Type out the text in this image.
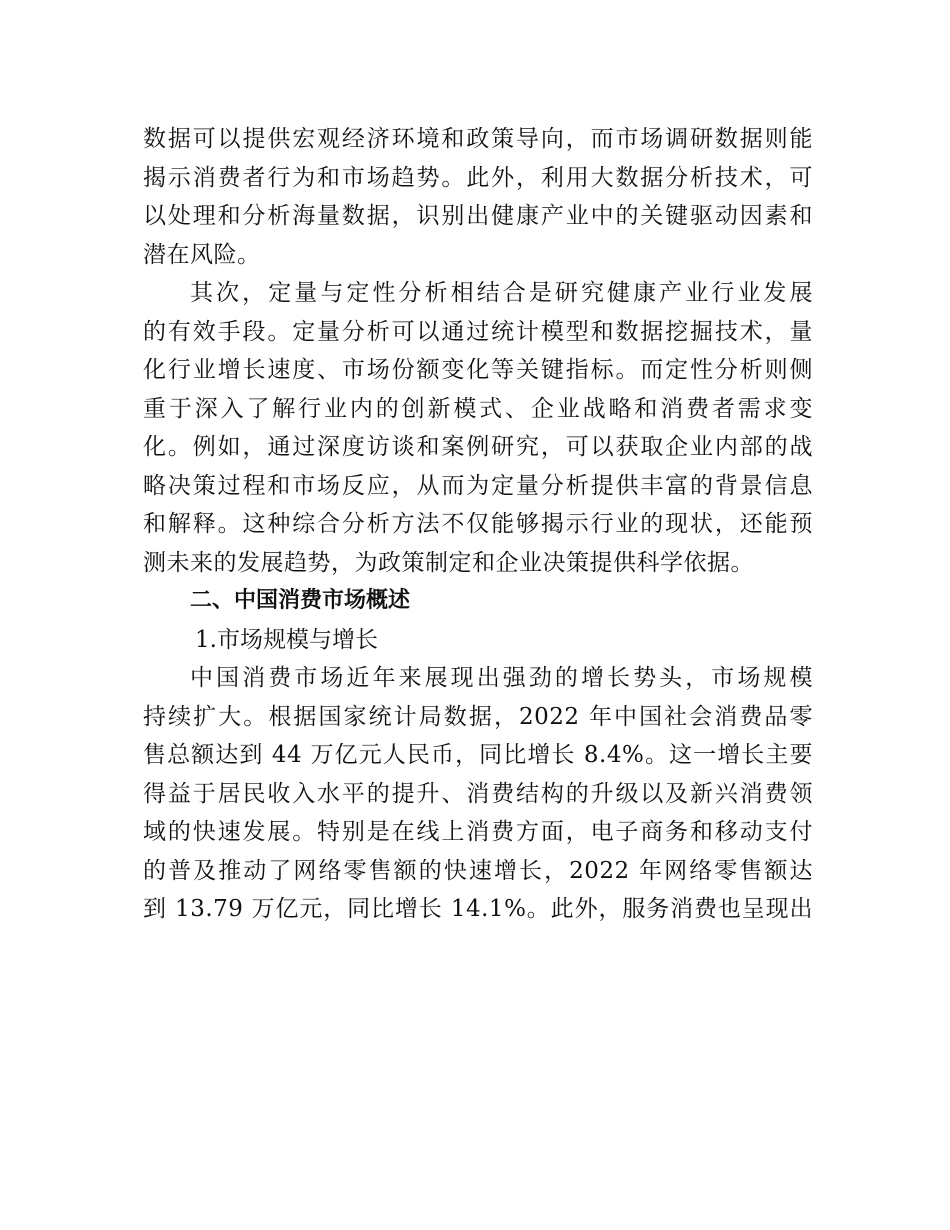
数据可以提供宏观经济环境和政策导向，而市场调研数据则能
揭示消费者行为和市场趋势。此外，利用大数据分析技术，可
以处理和分析海量数据，识别出健康产业中的关键驱动因素和
潜在风险。
其次，定量与定性分析相结合是研究健康产业行业发展
的有效手段。定量分析可以通过统计模型和数据挖掘技术，量
化行业增长速度、市场份额变化等关键指标。而定性分析则侧
重于深入了解行业内的创新模式、企业战略和消费者需求变
化。例如，通过深度访谈和案例研究，可以获取企业内部的战
略决策过程和市场反应，从而为定量分析提供丰富的背景信息
和解释。这种综合分析方法不仅能够揭示行业的现状，还能预
测未来的发展趋势，为政策制定和企业决策提供科学依据。
二、中国消费市场概述
1.市场规模与增长
中国消费市场近年来展现出强劲的增长势头，市场规模
持续扩大。根据国家统计局数据，2022 年中国社会消费品零
售总额达到 44 万亿元人民币，同比增长 8.4%。这一增长主要
得益于居民收入水平的提升、消费结构的升级以及新兴消费领
域的快速发展。特别是在线上消费方面，电子商务和移动支付
的普及推动了网络零售额的快速增长，2022 年网络零售额达
到 13.79 万亿元，同比增长 14.1%。此外，服务消费也呈现出
